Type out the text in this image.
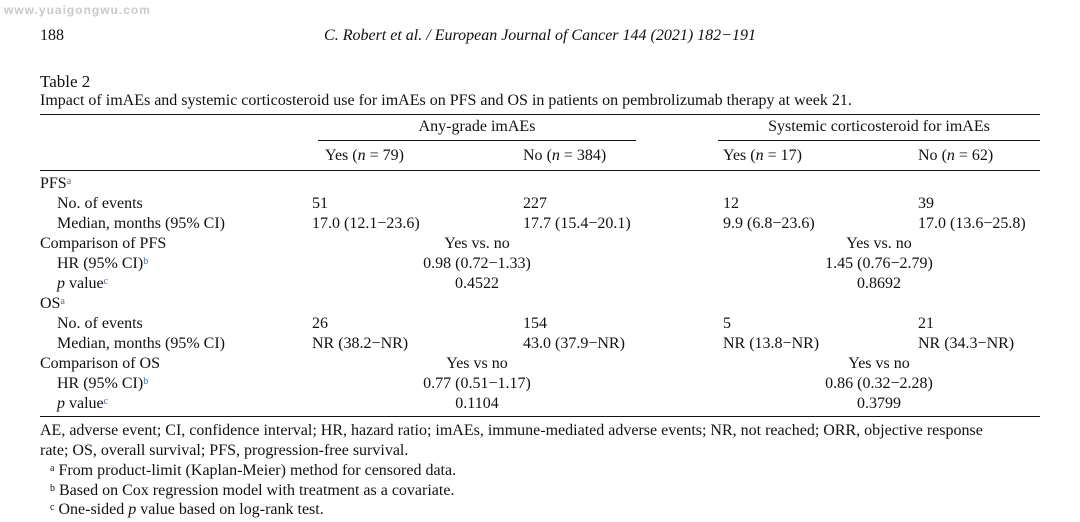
www.yuaigongwu.com
188	C. Robert et al. / European Journal of Cancer 144 (2021) 182−191
Table 2
Impact of imAEs and systemic corticosteroid use for imAEs on PFS and OS in patients on pembrolizumab therapy at week 21.
Any-grade imAEs	Systemic corticosteroid for imAEs
Yes (n = 79)	No (n = 384)	Yes (n = 17)	No (n = 62)
PFS$^a$
No. of events	51	227	12	39
Median, months (95% CI)	17.0 (12.1−23.6)	17.7 (15.4−20.1)	9.9 (6.8−23.6)	17.0 (13.6−25.8)
Comparison of PFS	Yes vs. no	Yes vs. no
HR (95% CI)$^b$	0.98 (0.72−1.33)	1.45 (0.76−2.79)
p value$^c$	0.4522	0.8692
$OS^a$
No. of events	26	154	5	21
Median, months (95% CI)	NR (38.2−NR)	43.0 (37.9−NR)	NR (13.8−NR)	NR (34.3−NR)
Comparison of OS	Yes vs no	Yes vs no
HR (95% CI)$^b$	0.77 (0.51−1.17)	0.86 (0.32−2.28)
p value$^c$	0.1104	0.3799
AE, adverse event; CI, confidence interval; HR, hazard ratio; imAEs, immune-mediated adverse events; NR, not reached; ORR, objective response
rate; OS, overall survival; PFS, progression-free survival.
$^a$ From product-limit (Kaplan-Meier) method for censored data.
$^b$ Based on Cox regression model with treatment as a covariate.
$^c$ One-sided p value based on log-rank test.
